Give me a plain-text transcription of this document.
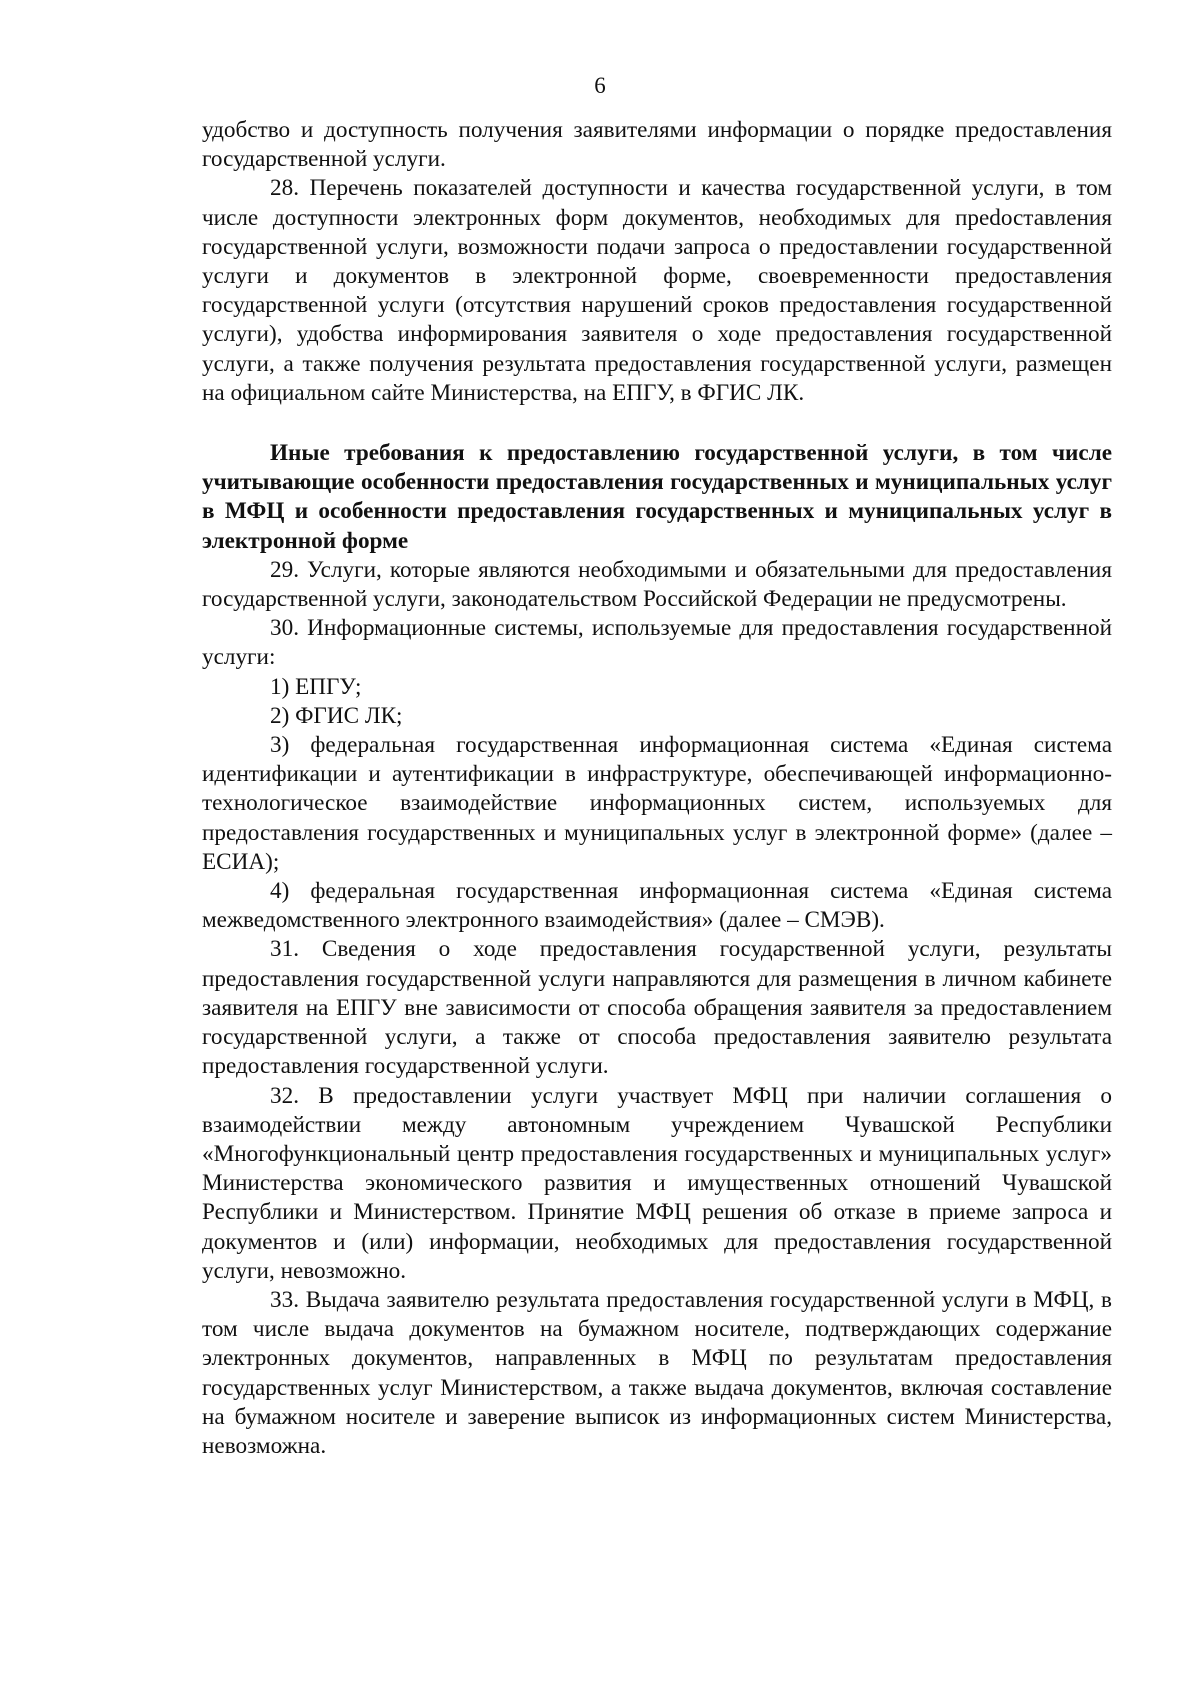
6

удобство и доступность получения заявителями информации о порядке предоставления государственной услуги.

28. Перечень показателей доступности и качества государственной услуги, в том числе доступности электронных форм документов, необходимых для преdоставления государственной услуги, возможности подачи запроса о предоставлении государственной услуги и документов в электронной форме, своевременности предоставления государственной услуги (отсутствия нарушений сроков предоставления государственной услуги), удобства информирования заявителя о ходе предоставления государственной услуги, а также получения результата предоставления государственной услуги, размещен на официальном сайте Министерства, на ЕПГУ, в ФГИС ЛК.

Иные требования к предоставлению государственной услуги, в том числе учитывающие особенности предоставления государственных и муниципальных услуг в МФЦ и особенности предоставления государственных и муниципальных услуг в электронной форме

29. Услуги, которые являются необходимыми и обязательными для предоставления государственной услуги, законодательством Российской Федерации не предусмотрены.

30. Информационные системы, используемые для предоставления государственной услуги:

1) ЕПГУ;

2) ФГИС ЛК;

3) федеральная государственная информационная система «Единая система идентификации и аутентификации в инфраструктуре, обеспечивающей информационно-технологическое взаимодействие информационных систем, используемых для предоставления государственных и муниципальных услуг в электронной форме» (далее – ЕСИА);

4) федеральная государственная информационная система «Единая система межведомственного электронного взаимодействия» (далее – СМЭВ).

31. Сведения о ходе предоставления государственной услуги, результаты предоставления государственной услуги направляются для размещения в личном кабинете заявителя на ЕПГУ вне зависимости от способа обращения заявителя за предоставлением государственной услуги, а также от способа предоставления заявителю результата предоставления государственной услуги.

32. В предоставлении услуги участвует МФЦ при наличии соглашения о взаимодействии между автономным учреждением Чувашской Республики «Многофункциональный центр предоставления государственных и муниципальных услуг» Министерства экономического развития и имущественных отношений Чувашской Республики и Министерством. Принятие МФЦ решения об отказе в приеме запроса и документов и (или) информации, необходимых для предоставления государственной услуги, невозможно.

33. Выдача заявителю результата предоставления государственной услуги в МФЦ, в том числе выдача документов на бумажном носителе, подтверждающих содержание электронных документов, направленных в МФЦ по результатам предоставления государственных услуг Министерством, а также выдача документов, включая составление на бумажном носителе и заверение выписок из информационных систем Министерства, невозможна.
